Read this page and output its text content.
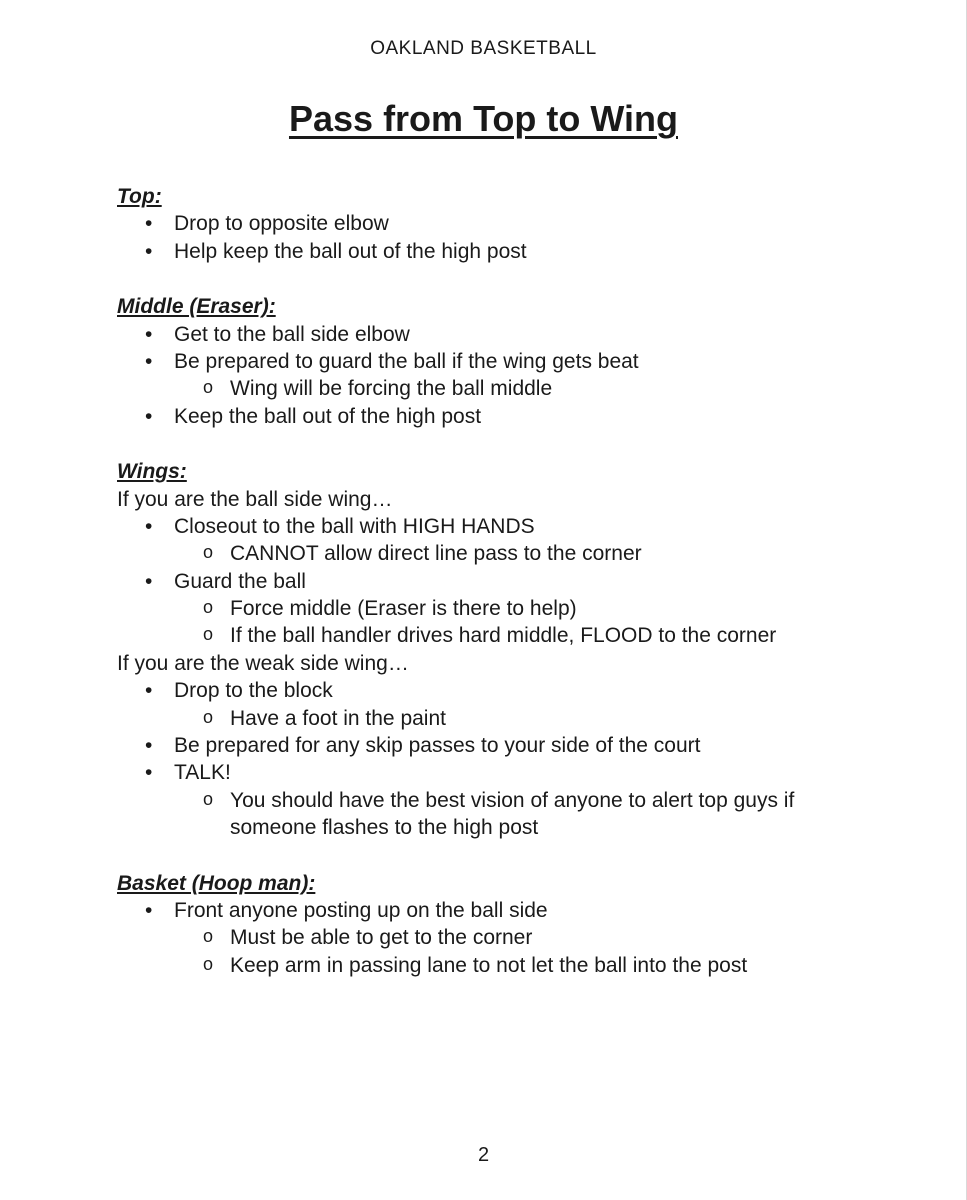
OAKLAND BASKETBALL
Pass from Top to Wing
Top:
• Drop to opposite elbow
• Help keep the ball out of the high post
Middle (Eraser):
• Get to the ball side elbow
• Be prepared to guard the ball if the wing gets beat
o Wing will be forcing the ball middle
• Keep the ball out of the high post
Wings:
If you are the ball side wing…
• Closeout to the ball with HIGH HANDS
o CANNOT allow direct line pass to the corner
• Guard the ball
o Force middle (Eraser is there to help)
o If the ball handler drives hard middle, FLOOD to the corner
If you are the weak side wing…
• Drop to the block
o Have a foot in the paint
• Be prepared for any skip passes to your side of the court
• TALK!
o You should have the best vision of anyone to alert top guys if
someone flashes to the high post
Basket (Hoop man):
• Front anyone posting up on the ball side
o Must be able to get to the corner
o Keep arm in passing lane to not let the ball into the post
2
